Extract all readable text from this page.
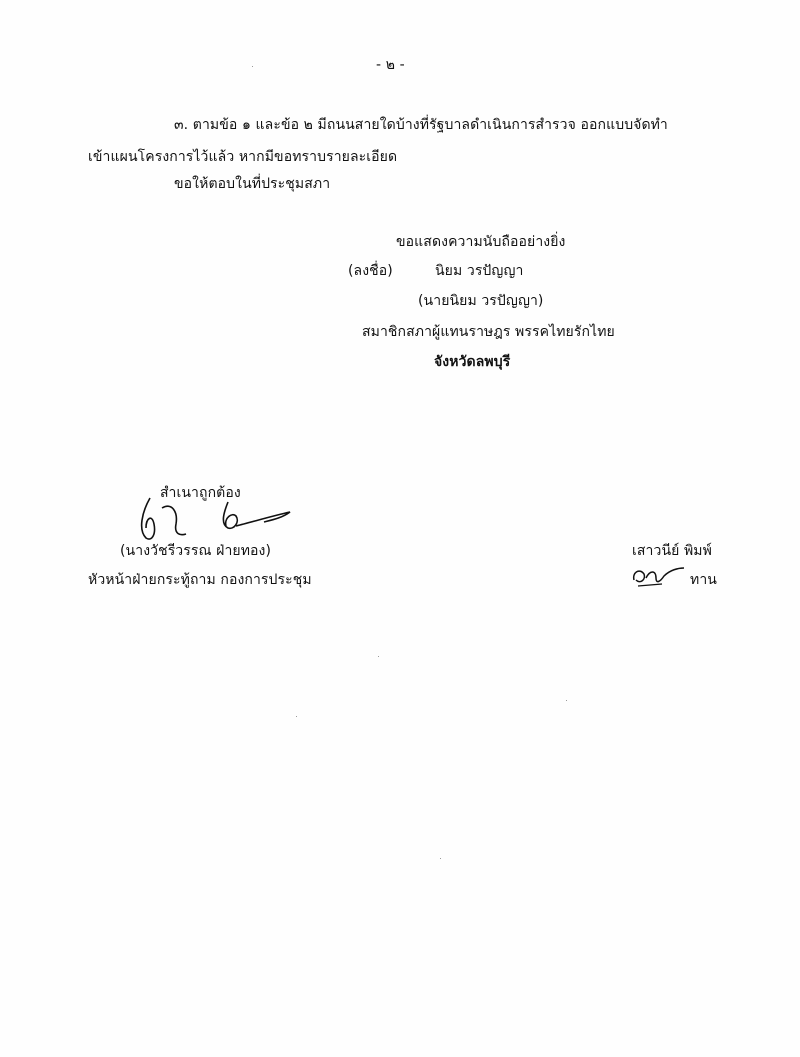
- ๒ -
๓. ตามข้อ ๑ และข้อ ๒ มีถนนสายใดบ้างที่รัฐบาลดำเนินการสำรวจ ออกแบบจัดทำ
เข้าแผนโครงการไว้แล้ว หากมีขอทราบรายละเอียด
ขอให้ตอบในที่ประชุมสภา
ขอแสดงความนับถืออย่างยิ่ง
(ลงชื่อ)	นิยม วรปัญญา
(นายนิยม วรปัญญา)
สมาชิกสภาผู้แทนราษฎร พรรคไทยรักไทย
จังหวัดลพบุรี
สำเนาถูกต้อง
(นางวัชรีวรรณ ฝ่ายทอง)
หัวหน้าฝ่ายกระทู้ถาม กองการประชุม
เสาวนีย์ พิมพ์
ทาน
